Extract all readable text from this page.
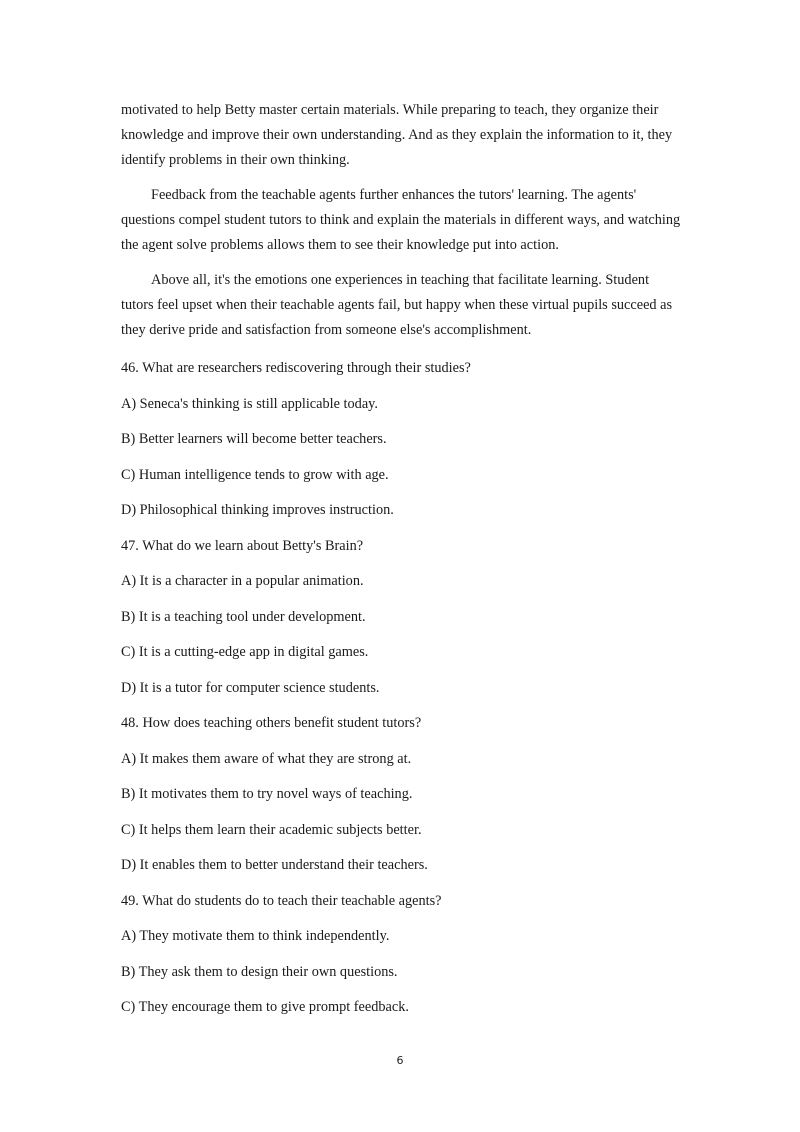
motivated to help Betty master certain materials. While preparing to teach, they organize their knowledge and improve their own understanding. And as they explain the information to it, they identify problems in their own thinking.

Feedback from the teachable agents further enhances the tutors' learning. The agents' questions compel student tutors to think and explain the materials in different ways, and watching the agent solve problems allows them to see their knowledge put into action.

Above all, it's the emotions one experiences in teaching that facilitate learning. Student tutors feel upset when their teachable agents fail, but happy when these virtual pupils succeed as they derive pride and satisfaction from someone else's accomplishment.

46. What are researchers rediscovering through their studies?

A) Seneca's thinking is still applicable today.

B) Better learners will become better teachers.

C) Human intelligence tends to grow with age.

D) Philosophical thinking improves instruction.

47. What do we learn about Betty's Brain?

A) It is a character in a popular animation.

B) It is a teaching tool under development.

C) It is a cutting-edge app in digital games.

D) It is a tutor for computer science students.

48. How does teaching others benefit student tutors?

A) It makes them aware of what they are strong at.

B) It motivates them to try novel ways of teaching.

C) It helps them learn their academic subjects better.

D) It enables them to better understand their teachers.

49. What do students do to teach their teachable agents?

A) They motivate them to think independently.

B) They ask them to design their own questions.

C) They encourage them to give prompt feedback.

6
